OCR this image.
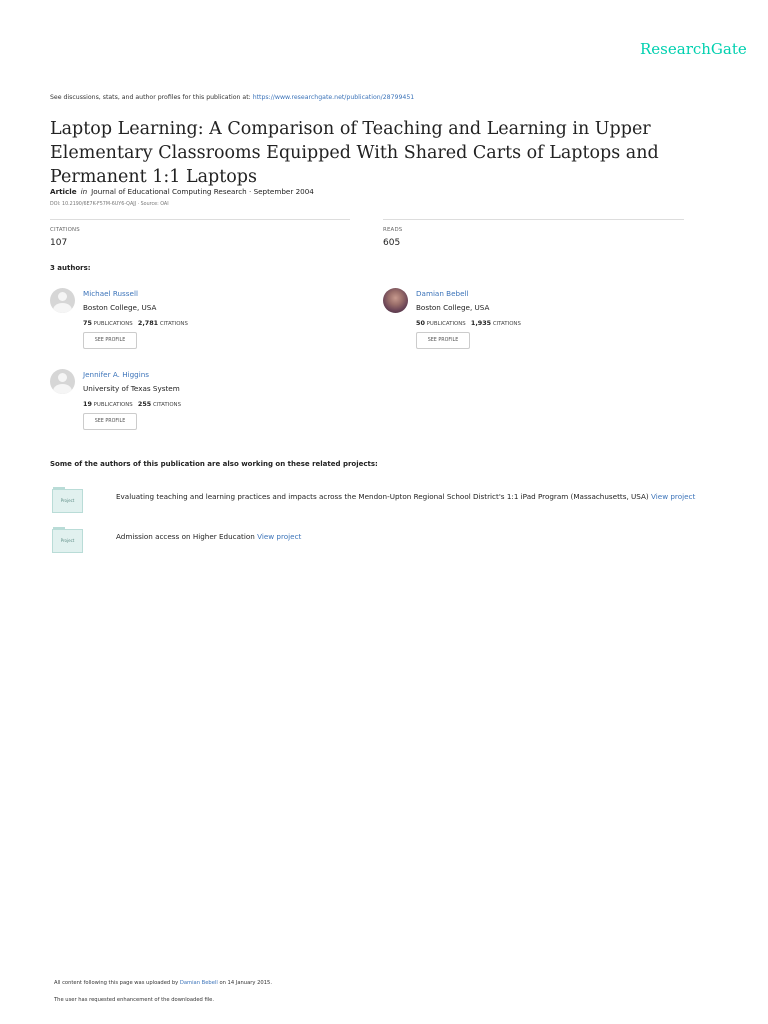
ResearchGate
See discussions, stats, and author profiles for this publication at: https://www.researchgate.net/publication/28799451
Laptop Learning: A Comparison of Teaching and Learning in Upper Elementary Classrooms Equipped With Shared Carts of Laptops and Permanent 1:1 Laptops
Article in Journal of Educational Computing Research · September 2004
DOI: 10.2190/6E7K-F57M-6UY6-QAJJ · Source: OAI
CITATIONS
107
READS
605
3 authors:
Michael Russell
Boston College, USA
75 PUBLICATIONS 2,781 CITATIONS
SEE PROFILE
Damian Bebell
Boston College, USA
50 PUBLICATIONS 1,935 CITATIONS
SEE PROFILE
Jennifer A. Higgins
University of Texas System
19 PUBLICATIONS 255 CITATIONS
SEE PROFILE
Some of the authors of this publication are also working on these related projects:
Project	Evaluating teaching and learning practices and impacts across the Mendon-Upton Regional School District's 1:1 iPad Program (Massachusetts, USA) View project
Project	Admission access on Higher Education View project
All content following this page was uploaded by Damian Bebell on 14 January 2015.
The user has requested enhancement of the downloaded file.
